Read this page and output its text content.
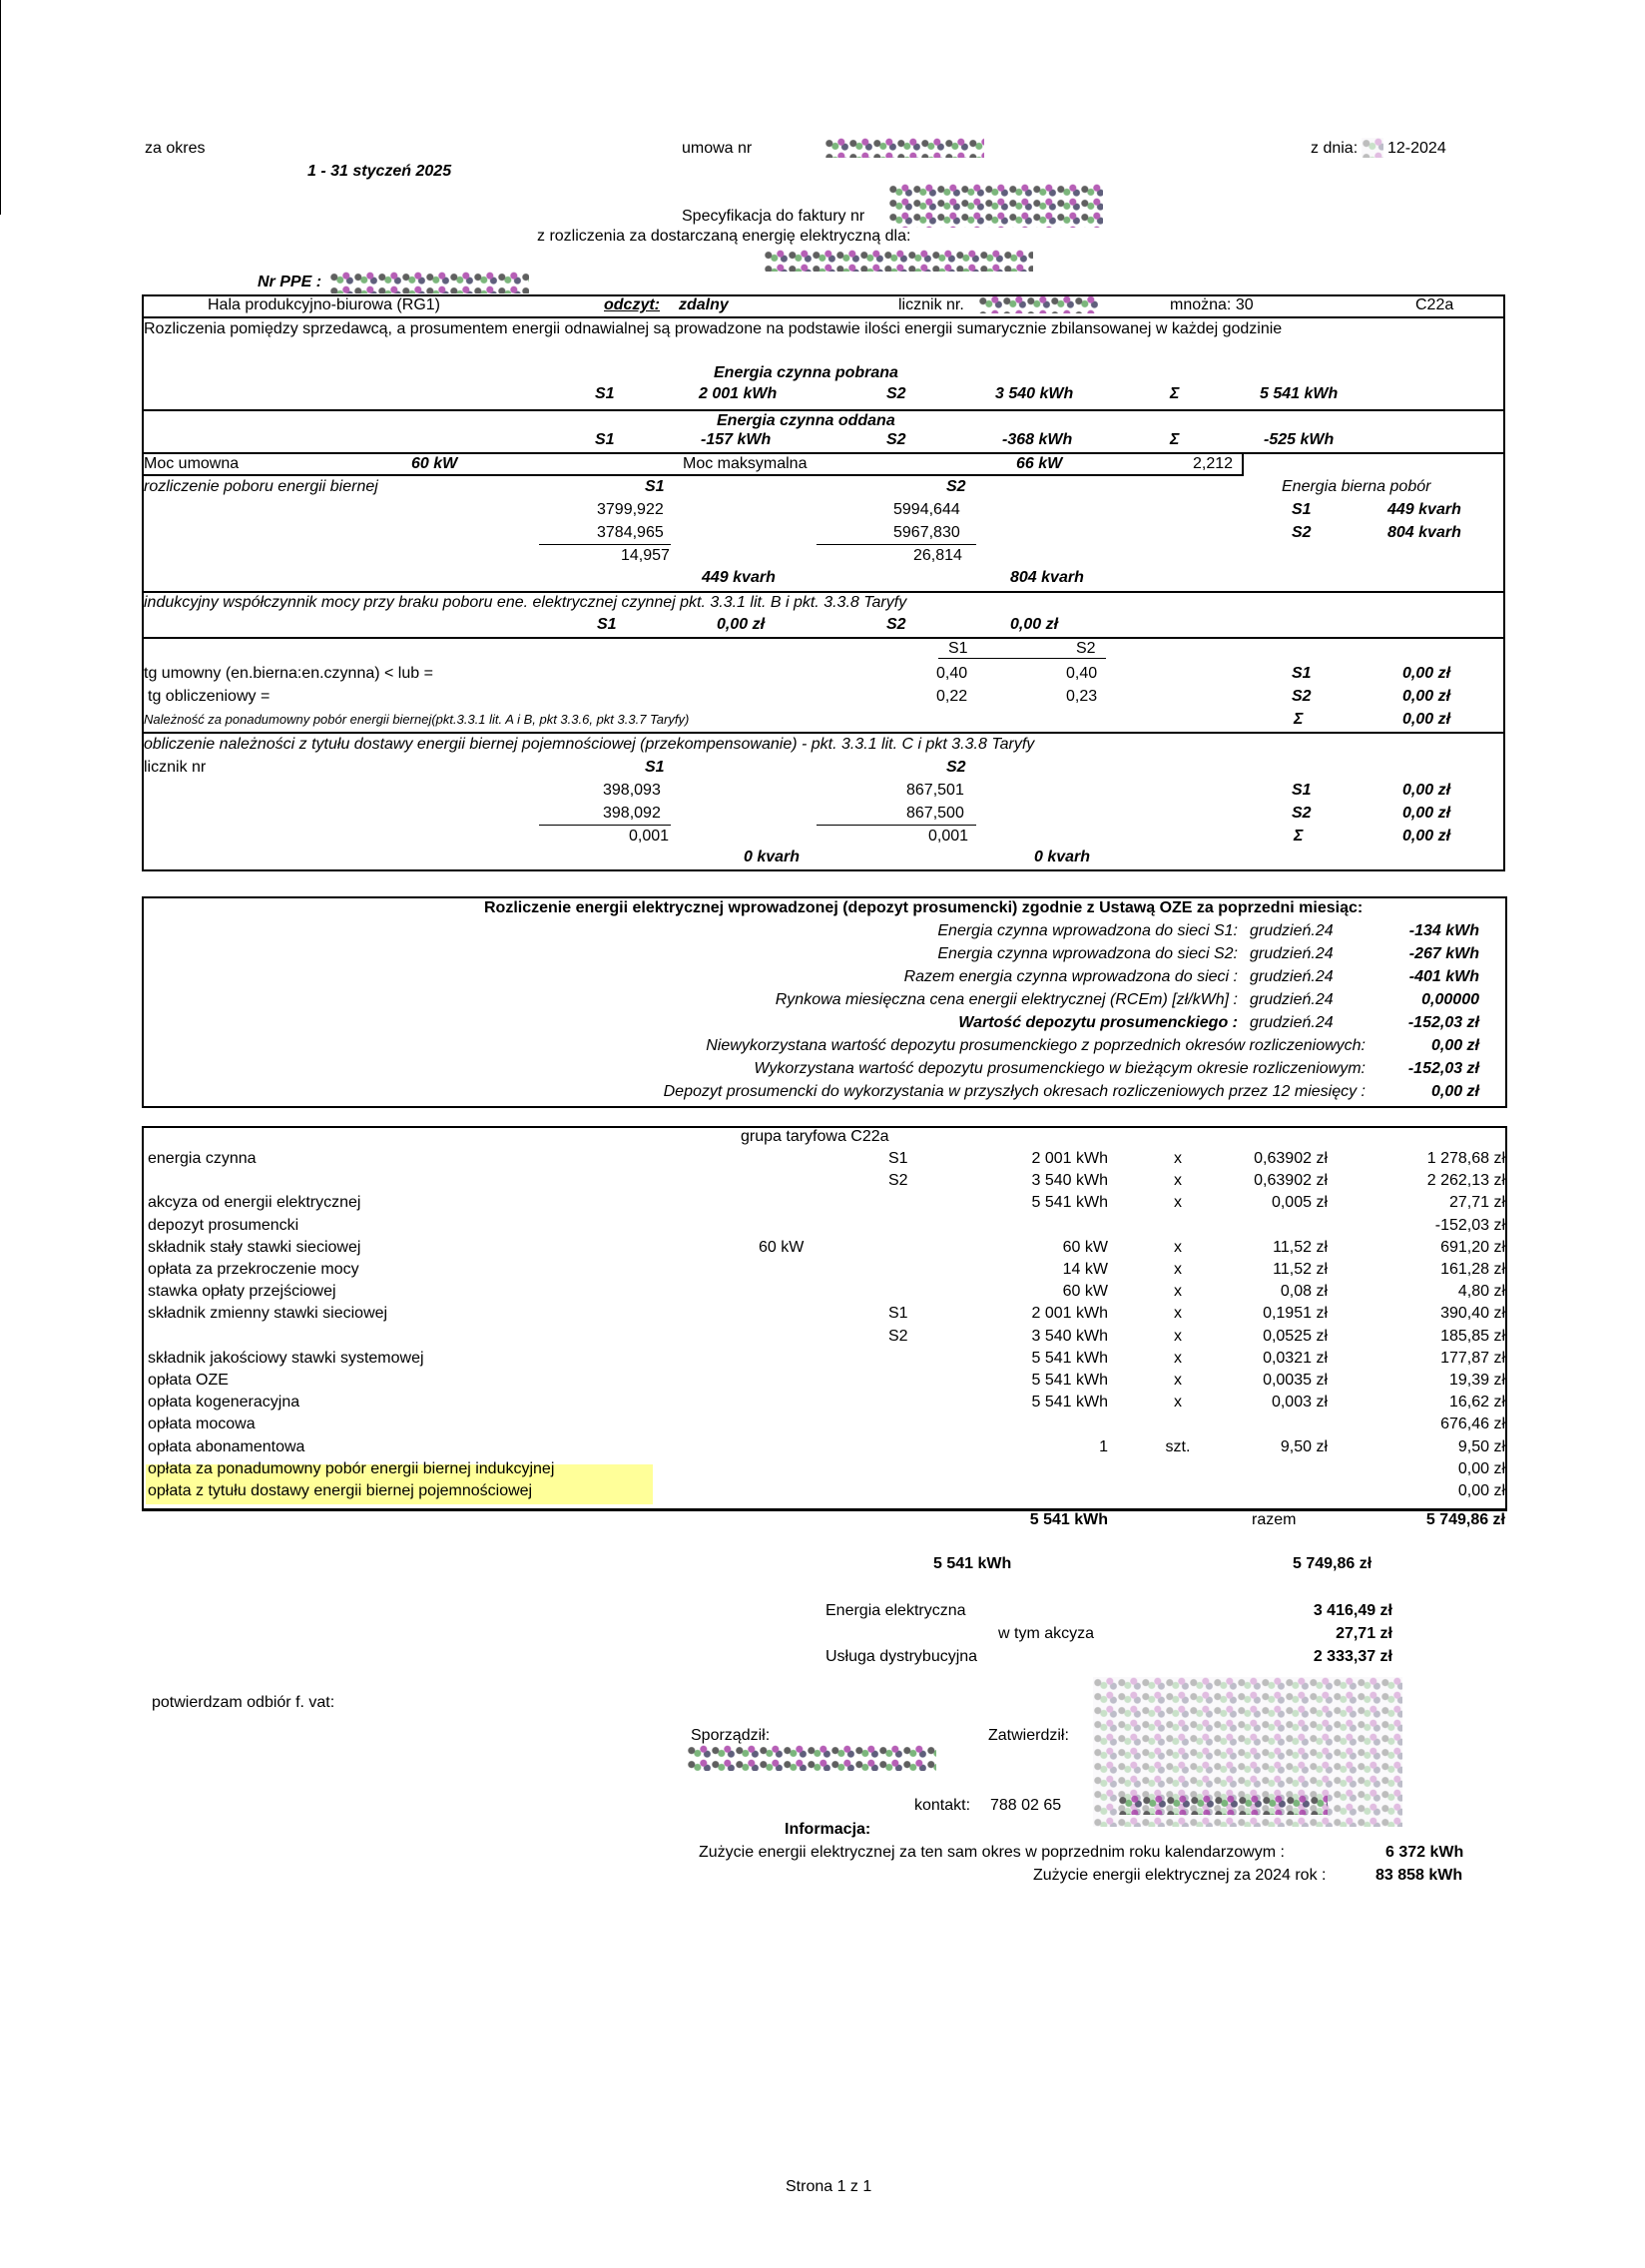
za okres
1 - 31 styczeń 2025
umowa nr	z dnia: 12-2024
Specyfikacja do faktury nr
z rozliczenia za dostarczaną energię elektryczną dla:
Nr PPE :
Hala produkcyjno-biurowa (RG1)	odczyt: zdalny	licznik nr.	mnożna: 30	C22a
Rozliczenia pomiędzy sprzedawcą, a prosumentem energii odnawialnej są prowadzone na podstawie ilości energii sumarycznie zbilansowanej w każdej godzinie
Energia czynna pobrana
S1	2 001 kWh	S2	3 540 kWh	Σ	5 541 kWh
Energia czynna oddana
S1	-157 kWh	S2	-368 kWh	Σ	-525 kWh
Moc umowna	60 kW	Moc maksymalna	66 kW	2,212
rozliczenie poboru energii biernej	S1	S2	Energia bierna pobór
3799,922	5994,644	S1	449 kvarh
3784,965	5967,830	S2	804 kvarh
14,957	26,814
449 kvarh	804 kvarh
indukcyjny współczynnik mocy przy braku poboru ene. elektrycznej czynnej pkt. 3.3.1 lit. B i pkt. 3.3.8 Taryfy
S1	0,00 zł	S2	0,00 zł
S1	S2
tg umowny (en.bierna:en.czynna) < lub =	0,40	0,40	S1	0,00 zł
tg obliczeniowy =	0,22	0,23	S2	0,00 zł
Należność za ponadumowny pobór energii biernej(pkt.3.3.1 lit. A i B, pkt 3.3.6, pkt 3.3.7 Taryfy)	Σ	0,00 zł
obliczenie należności z tytułu dostawy energii biernej pojemnościowej (przekompensowanie) - pkt. 3.3.1 lit. C i pkt 3.3.8 Taryfy
licznik nr	S1	S2
398,093	867,501	S1	0,00 zł
398,092	867,500	S2	0,00 zł
0,001	0,001	Σ	0,00 zł
0 kvarh	0 kvarh
Rozliczenie energii elektrycznej wprowadzonej (depozyt prosumencki) zgodnie z Ustawą OZE za poprzedni miesiąc:
Energia czynna wprowadzona do sieci S1: grudzień.24	-134 kWh
Energia czynna wprowadzona do sieci S2: grudzień.24	-267 kWh
Razem energia czynna wprowadzona do sieci : grudzień.24	-401 kWh
Rynkowa miesięczna cena energii elektrycznej (RCEm) [zł/kWh] : grudzień.24	0,00000
Wartość depozytu prosumenckiego : grudzień.24	-152,03 zł
Niewykorzystana wartość depozytu prosumenckiego z poprzednich okresów rozliczeniowych:	0,00 zł
Wykorzystana wartość depozytu prosumenckiego w bieżącym okresie rozliczeniowym:	-152,03 zł
Depozyt prosumencki do wykorzystania w przyszłych okresach rozliczeniowych przez 12 miesięcy :	0,00 zł
grupa taryfowa C22a
energia czynna	S1	2 001 kWh	x	0,63902 zł	1 278,68 zł
S2	3 540 kWh	x	0,63902 zł	2 262,13 zł
akcyza od energii elektrycznej	5 541 kWh	x	0,005 zł	27,71 zł
depozyt prosumencki	-152,03 zł
składnik stały stawki sieciowej	60 kW	60 kW	x	11,52 zł	691,20 zł
opłata za przekroczenie mocy	14 kW	x	11,52 zł	161,28 zł
stawka opłaty przejściowej	60 kW	x	0,08 zł	4,80 zł
składnik zmienny stawki sieciowej	S1	2 001 kWh	x	0,1951 zł	390,40 zł
S2	3 540 kWh	x	0,0525 zł	185,85 zł
składnik jakościowy stawki systemowej	5 541 kWh	x	0,0321 zł	177,87 zł
opłata OZE	5 541 kWh	x	0,0035 zł	19,39 zł
opłata kogeneracyjna	5 541 kWh	x	0,003 zł	16,62 zł
opłata mocowa	676,46 zł
opłata abonamentowa	1	szt.	9,50 zł	9,50 zł
opłata za ponadumowny pobór energii biernej indukcyjnej	0,00 zł
opłata z tytułu dostawy energii biernej pojemnościowej	0,00 zł
5 541 kWh	razem	5 749,86 zł
5 541 kWh	5 749,86 zł
Energia elektryczna	3 416,49 zł
w tym akcyza	27,71 zł
Usługa dystrybucyjna	2 333,37 zł
potwierdzam odbiór f. vat:
Sporządził:	Zatwierdził:
kontakt: 788 02 65
Informacja:
Zużycie energii elektrycznej za ten sam okres w poprzednim roku kalendarzowym :	6 372 kWh
Zużycie energii elektrycznej za 2024 rok :	83 858 kWh
Strona 1 z 1
